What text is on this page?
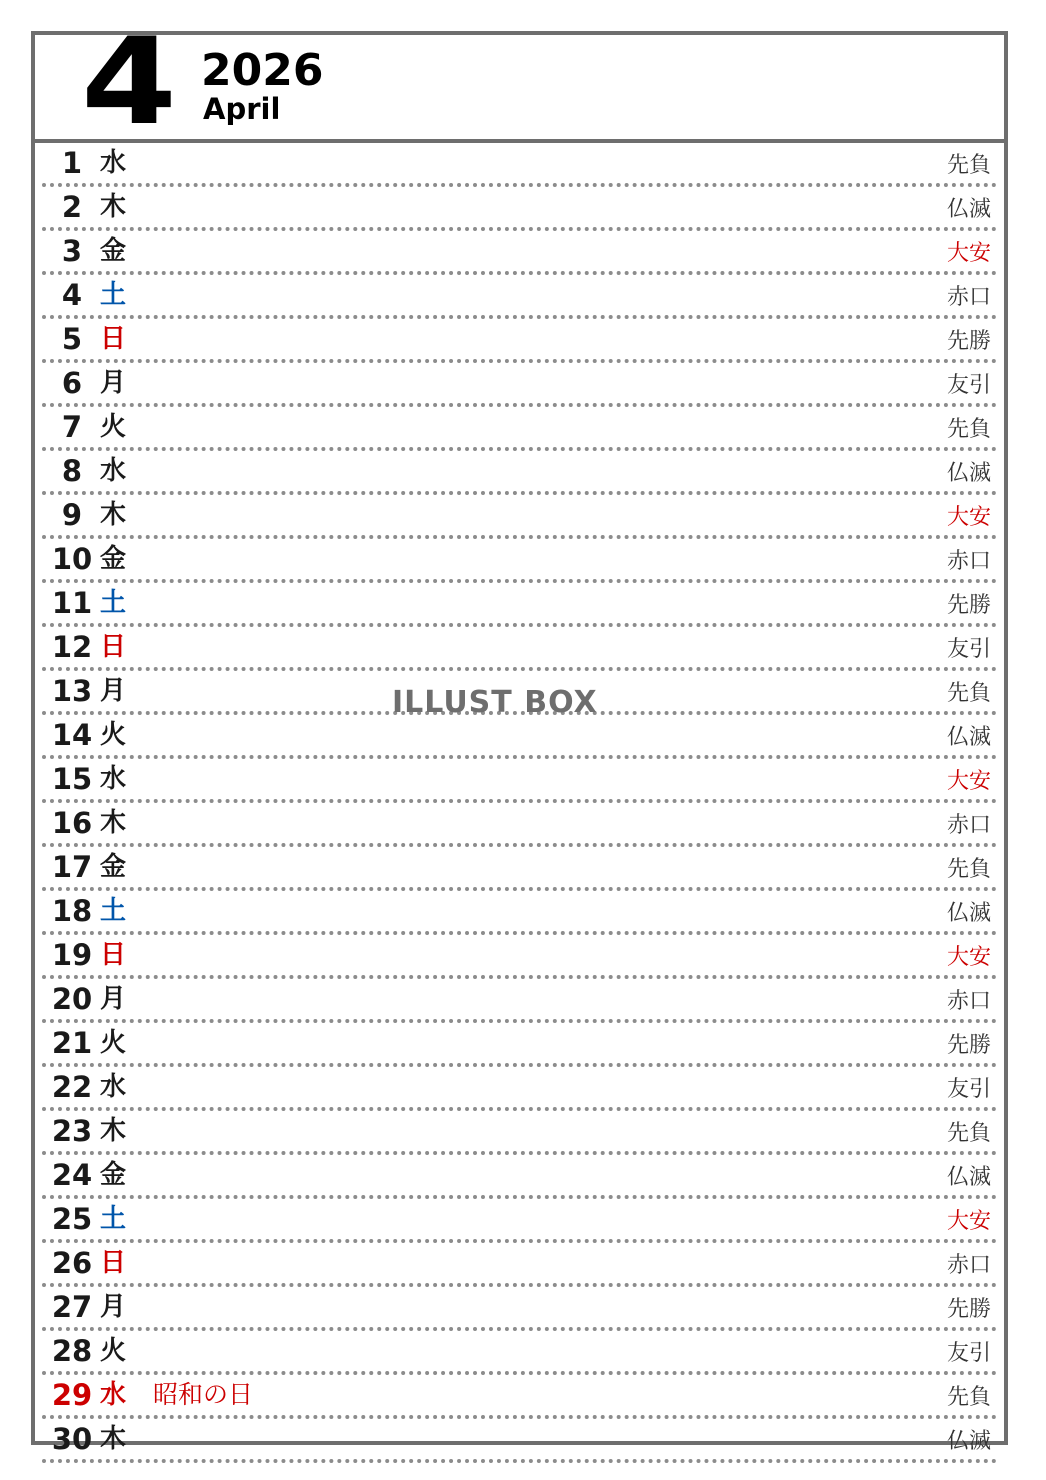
4 2026
April
1 水	先負
2 木	仏滅
3 金	大安
4 土	赤口
5 日	先勝
6 月	友引
7 火	先負
8 水	仏滅
9 木	大安
10 金	赤口
11 土	先勝
12 日	友引
13 月	先負
14 火	仏滅
15 水	大安
16 木	赤口
17 金	先負
18 土	仏滅
19 日	大安
20 月	赤口
21 火	先勝
22 水	友引
23 木	先負
24 金	仏滅
25 土	大安
26 日	赤口
27 月	先勝
28 火	友引
29 水 昭和の日	先負
30 木	仏滅
ILLUST BOX
